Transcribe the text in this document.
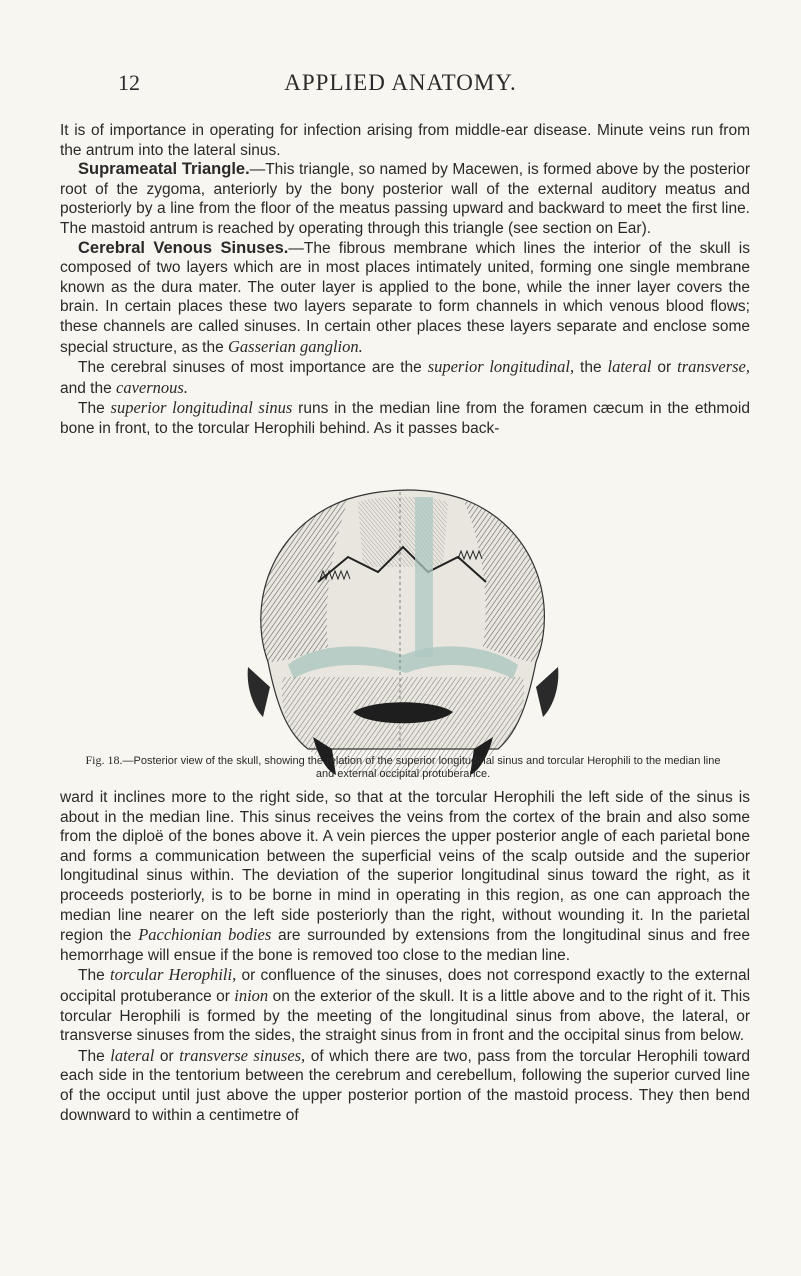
12	APPLIED ANATOMY.

It is of importance in operating for infection arising from middle-ear disease. Minute veins run from the antrum into the lateral sinus.

Suprameatal Triangle.—This triangle, so named by Macewen, is formed above by the posterior root of the zygoma, anteriorly by the bony posterior wall of the external auditory meatus and posteriorly by a line from the floor of the meatus passing upward and backward to meet the first line. The mastoid antrum is reached by operating through this triangle (see section on Ear).

Cerebral Venous Sinuses.—The fibrous membrane which lines the interior of the skull is composed of two layers which are in most places intimately united, forming one single membrane known as the dura mater. The outer layer is applied to the bone, while the inner layer covers the brain. In certain places these two layers separate to form channels in which venous blood flows; these channels are called sinuses. In certain other places these layers separate and enclose some special structure, as the Gasserian ganglion.

The cerebral sinuses of most importance are the superior longitudinal, the lateral or transverse, and the cavernous.

The superior longitudinal sinus runs in the median line from the foramen cæcum in the ethmoid bone in front, to the torcular Herophili behind. As it passes back-

Fig. 18.—Posterior view of the skull, showing the relation of the superior longitudinal sinus and torcular Herophili to the median line and external occipital protuberance.

ward it inclines more to the right side, so that at the torcular Herophili the left side of the sinus is about in the median line. This sinus receives the veins from the cortex of the brain and also some from the diploë of the bones above it. A vein pierces the upper posterior angle of each parietal bone and forms a communication between the superficial veins of the scalp outside and the superior longitudinal sinus within. The deviation of the superior longitudinal sinus toward the right, as it proceeds posteriorly, is to be borne in mind in operating in this region, as one can approach the median line nearer on the left side posteriorly than the right, without wounding it. In the parietal region the Pacchionian bodies are surrounded by extensions from the longitudinal sinus and free hemorrhage will ensue if the bone is removed too close to the median line.

The torcular Herophili, or confluence of the sinuses, does not correspond exactly to the external occipital protuberance or inion on the exterior of the skull. It is a little above and to the right of it. This torcular Herophili is formed by the meeting of the longitudinal sinus from above, the lateral, or transverse sinuses from the sides, the straight sinus from in front and the occipital sinus from below.

The lateral or transverse sinuses, of which there are two, pass from the torcular Herophili toward each side in the tentorium between the cerebrum and cerebellum, following the superior curved line of the occiput until just above the upper posterior portion of the mastoid process. They then bend downward to within a centimetre of
